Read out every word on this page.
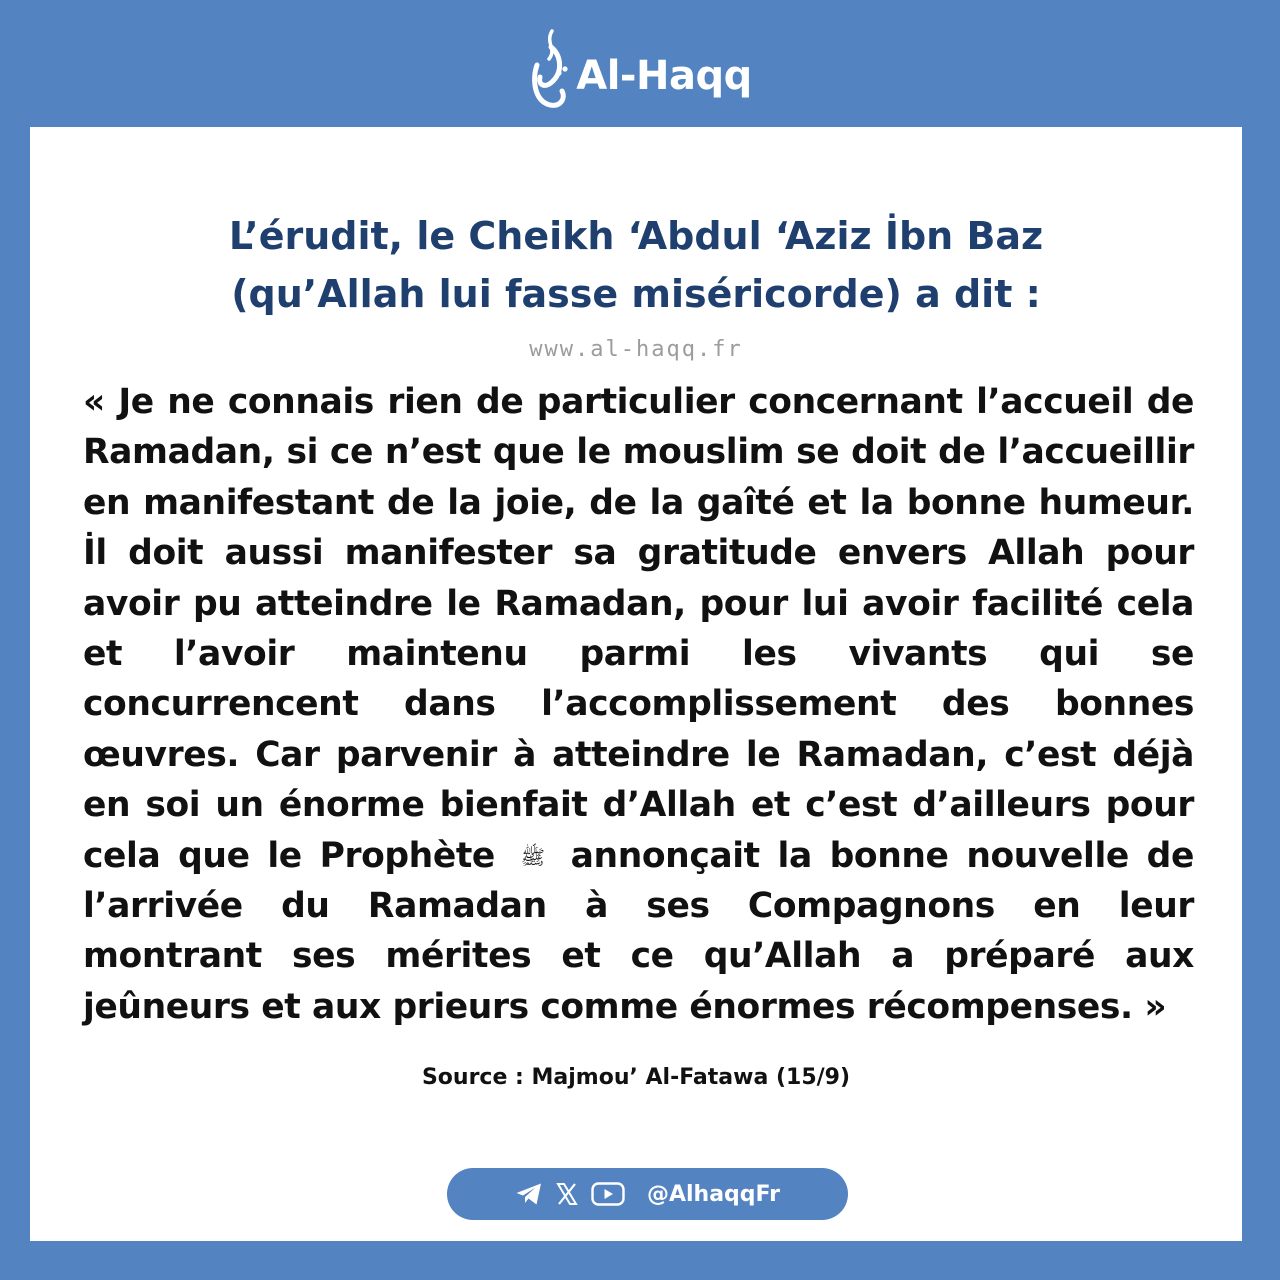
Al-Haqq
L’érudit, le Cheikh ‘Abdul ‘Aziz İbn Baz
(qu’Allah lui fasse miséricorde) a dit :
www.al-haqq.fr
« Je ne connais rien de particulier concernant l’accueil de Ramadan, si ce n’est que le mouslim se doit de l’accueillir en manifestant de la joie, de la gaîté et la bonne humeur. İl doit aussi manifester sa gratitude envers Allah pour avoir pu atteindre le Ramadan, pour lui avoir facilité cela et l’avoir maintenu parmi les vivants qui se concurrencent dans l’accomplissement des bonnes œuvres. Car parvenir à atteindre le Ramadan, c’est déjà en soi un énorme bienfait d’Allah et c’est d’ailleurs pour cela que le Prophète ﷺ annonçait la bonne nouvelle de l’arrivée du Ramadan à ses Compagnons en leur montrant ses mérites et ce qu’Allah a préparé aux jeûneurs et aux prieurs comme énormes récompenses. »
Source : Majmou’ Al-Fatawa (15/9)
@AlhaqqFr
